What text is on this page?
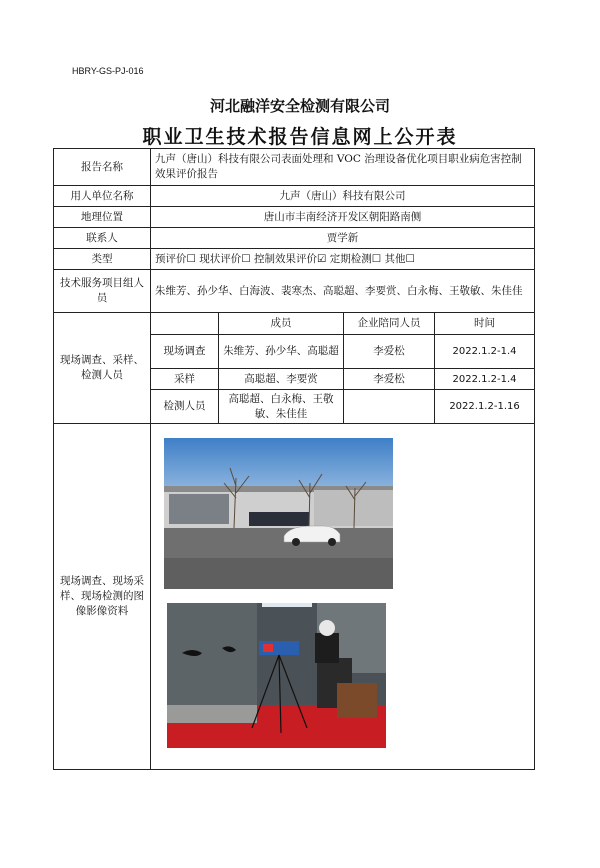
HBRY-GS-PJ-016
河北融洋安全检测有限公司
职业卫生技术报告信息网上公开表
报告名称	九声（唐山）科技有限公司表面处理和 VOC 治理设备优化项目职业病危害控制效果评价报告			
用人单位名称	九声（唐山）科技有限公司			
地理位置	唐山市丰南经济开发区朝阳路南侧			
联系人	贾学新			
类型	预评价☐ 现状评价☐ 控制效果评价☑ 定期检测☐ 其他☐			
技术服务项目组人员	朱维芳、孙少华、白海波、裴寒杰、高聪超、李要赏、白永梅、王敬敏、朱佳佳			
现场调查、采样、检测人员		成员	企业陪同人员	时间
	现场调查	朱维芳、孙少华、高聪超	李爱松	2022.1.2-1.4
	采样	高聪超、李要赏	李爱松	2022.1.2-1.4
	检测人员	高聪超、白永梅、王敬敏、朱佳佳		2022.1.2-1.16
现场调查、现场采样、现场检测的图像影像资料	
